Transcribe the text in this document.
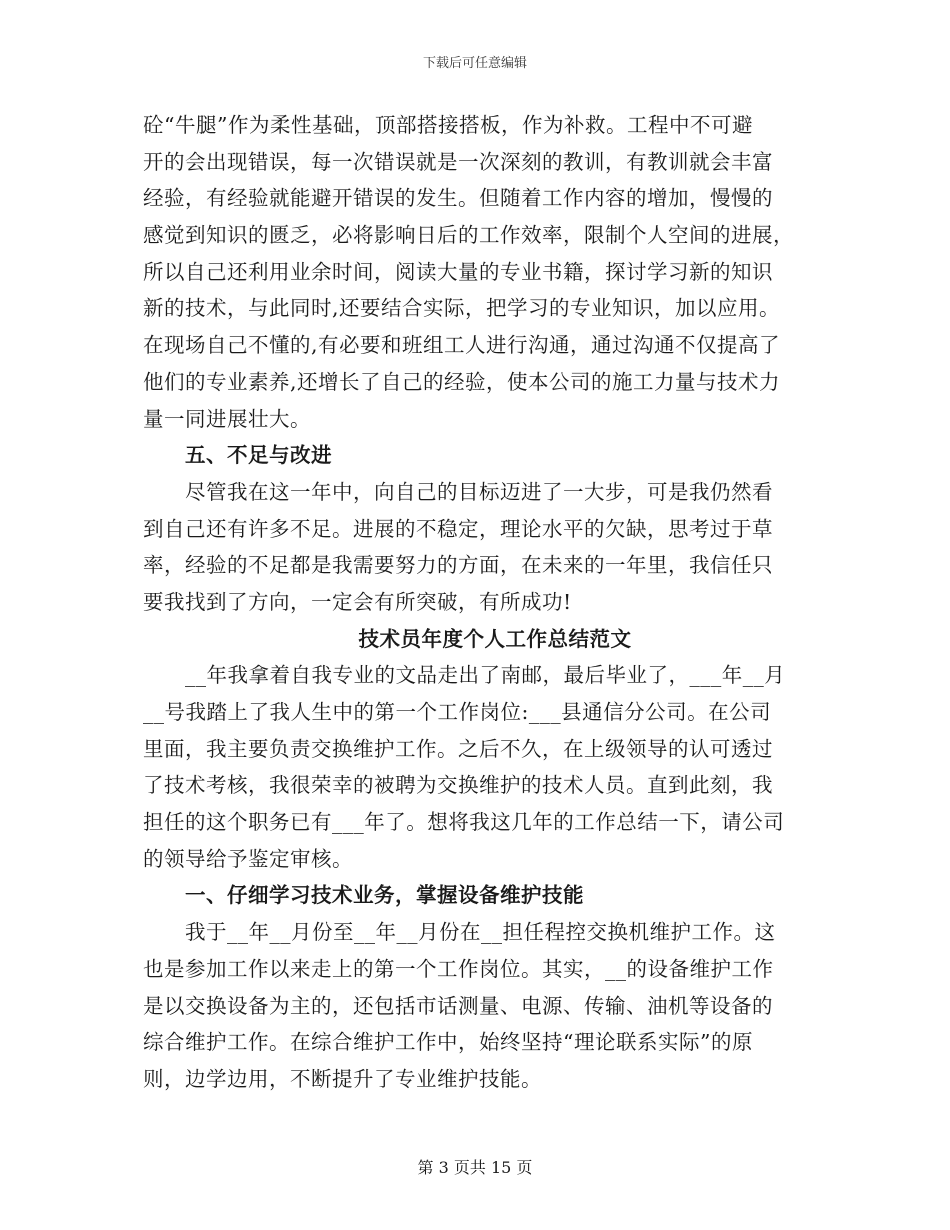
下载后可任意编辑
砼“牛腿”作为柔性基础，顶部搭接搭板，作为补救。工程中不可避
开的会出现错误，每一次错误就是一次深刻的教训，有教训就会丰富
经验，有经验就能避开错误的发生。但随着工作内容的增加，慢慢的
感觉到知识的匮乏，必将影响日后的工作效率，限制个人空间的进展，
所以自己还利用业余时间，阅读大量的专业书籍，探讨学习新的知识
新的技术，与此同时,还要结合实际，把学习的专业知识，加以应用。
在现场自己不懂的,有必要和班组工人进行沟通，通过沟通不仅提高了
他们的专业素养,还增长了自己的经验，使本公司的施工力量与技术力
量一同进展壮大。
五、不足与改进
尽管我在这一年中，向自己的目标迈进了一大步，可是我仍然看
到自己还有许多不足。进展的不稳定，理论水平的欠缺，思考过于草
率，经验的不足都是我需要努力的方面，在未来的一年里，我信任只
要我找到了方向，一定会有所突破，有所成功!
技术员年度个人工作总结范文
__年我拿着自我专业的文品走出了南邮，最后毕业了，___年__月
__号我踏上了我人生中的第一个工作岗位:___县通信分公司。在公司
里面，我主要负责交换维护工作。之后不久，在上级领导的认可透过
了技术考核，我很荣幸的被聘为交换维护的技术人员。直到此刻，我
担任的这个职务已有___年了。想将我这几年的工作总结一下，请公司
的领导给予鉴定审核。
一、仔细学习技术业务，掌握设备维护技能
我于__年__月份至__年__月份在__担任程控交换机维护工作。这
也是参加工作以来走上的第一个工作岗位。其实，__的设备维护工作
是以交换设备为主的，还包括市话测量、电源、传输、油机等设备的
综合维护工作。在综合维护工作中，始终坚持“理论联系实际”的原
则，边学边用，不断提升了专业维护技能。
第 3 页共 15 页
